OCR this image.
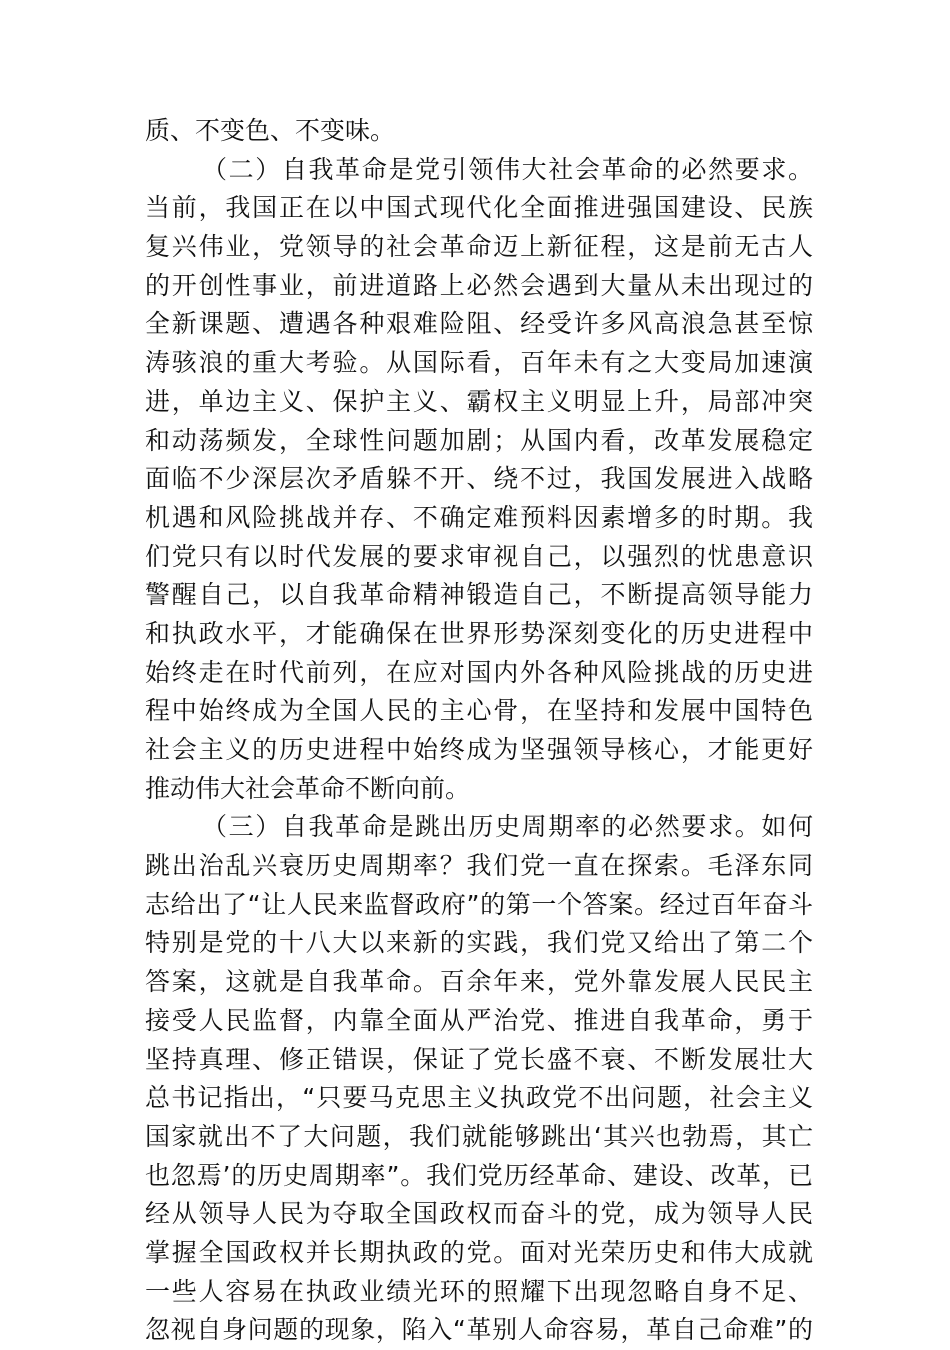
质、不变色、不变味。
（二）自我革命是党引领伟大社会革命的必然要求。
当前，我国正在以中国式现代化全面推进强国建设、民族
复兴伟业，党领导的社会革命迈上新征程，这是前无古人
的开创性事业，前进道路上必然会遇到大量从未出现过的
全新课题、遭遇各种艰难险阻、经受许多风高浪急甚至惊
涛骇浪的重大考验。从国际看，百年未有之大变局加速演
进，单边主义、保护主义、霸权主义明显上升，局部冲突
和动荡频发，全球性问题加剧；从国内看，改革发展稳定
面临不少深层次矛盾躲不开、绕不过，我国发展进入战略
机遇和风险挑战并存、不确定难预料因素增多的时期。我
们党只有以时代发展的要求审视自己，以强烈的忧患意识
警醒自己，以自我革命精神锻造自己，不断提高领导能力
和执政水平，才能确保在世界形势深刻变化的历史进程中
始终走在时代前列，在应对国内外各种风险挑战的历史进
程中始终成为全国人民的主心骨，在坚持和发展中国特色
社会主义的历史进程中始终成为坚强领导核心，才能更好
推动伟大社会革命不断向前。
（三）自我革命是跳出历史周期率的必然要求。如何
跳出治乱兴衰历史周期率？我们党一直在探索。毛泽东同
志给出了“让人民来监督政府”的第一个答案。经过百年奋斗
特别是党的十八大以来新的实践，我们党又给出了第二个
答案，这就是自我革命。百余年来，党外靠发展人民民主
接受人民监督，内靠全面从严治党、推进自我革命，勇于
坚持真理、修正错误，保证了党长盛不衰、不断发展壮大
总书记指出，“只要马克思主义执政党不出问题，社会主义
国家就出不了大问题，我们就能够跳出‘其兴也勃焉，其亡
也忽焉’的历史周期率”。我们党历经革命、建设、改革，已
经从领导人民为夺取全国政权而奋斗的党，成为领导人民
掌握全国政权并长期执政的党。面对光荣历史和伟大成就
一些人容易在执政业绩光环的照耀下出现忽略自身不足、
忽视自身问题的现象，陷入“革别人命容易，革自己命难”的
